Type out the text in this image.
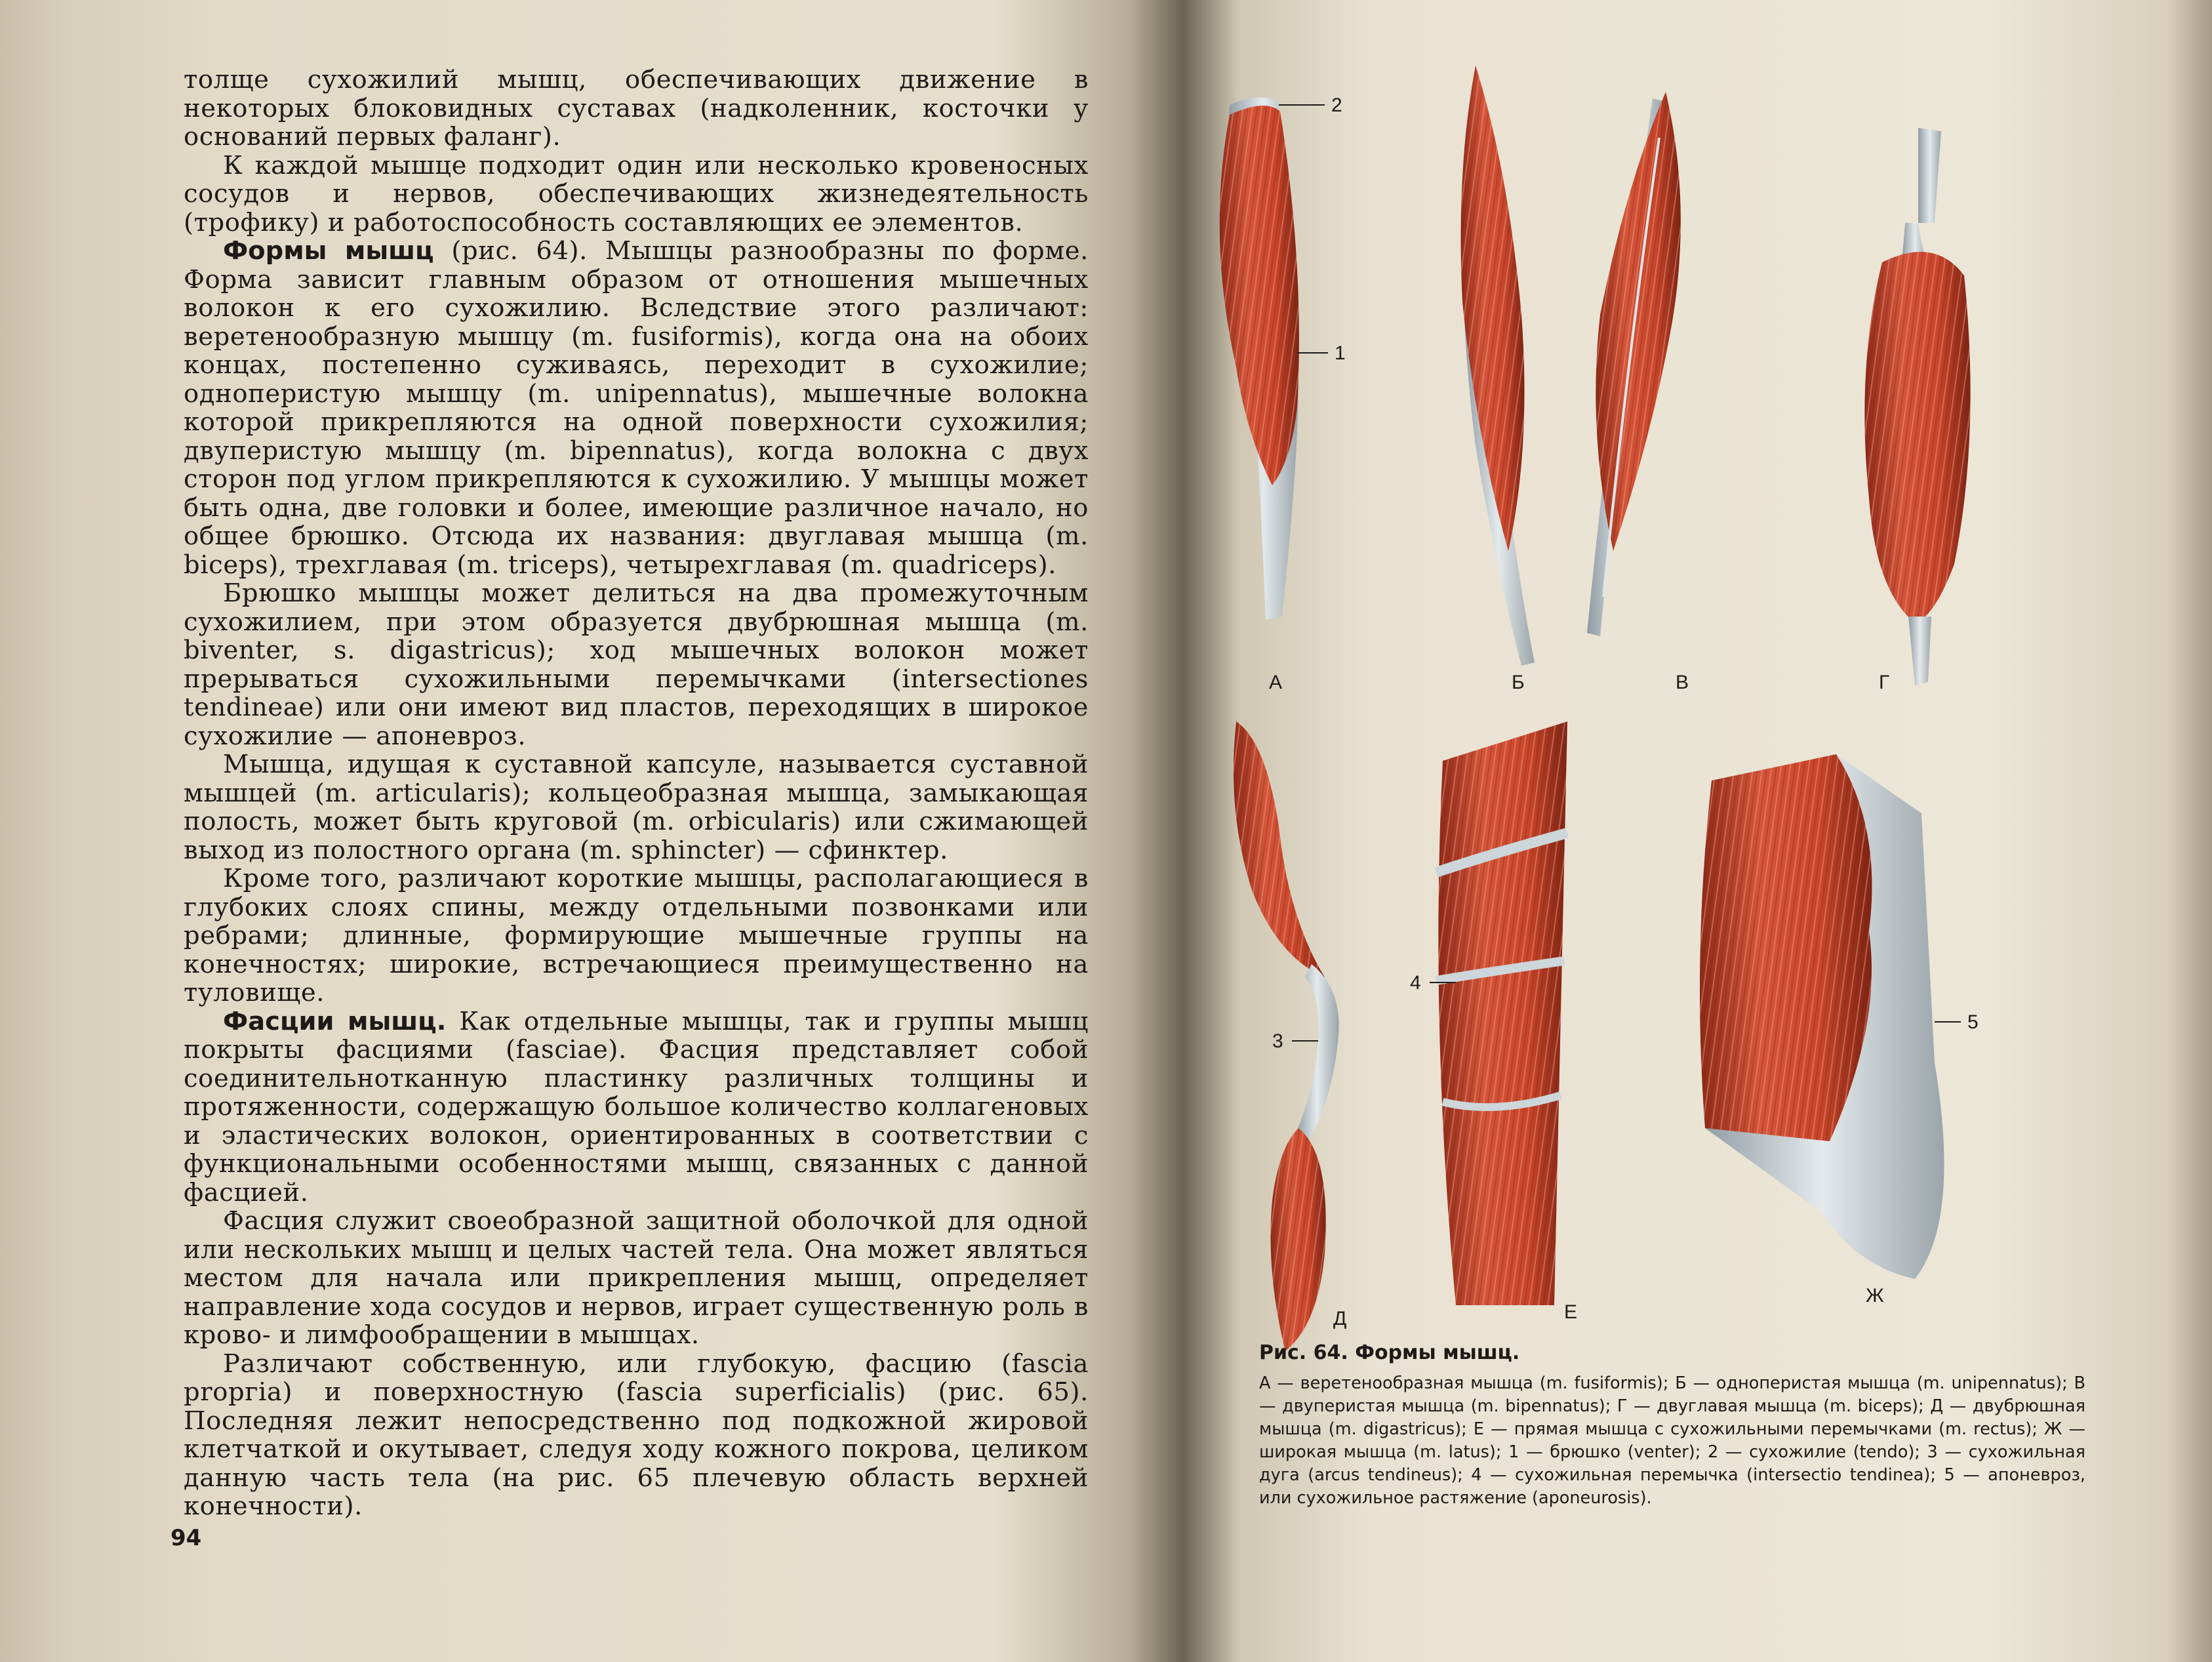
толще сухожилий мышц, обеспечивающих движение в некоторых блоковидных суставах (надколенник, косточки у оснований первых фаланг).

К каждой мышце подходит один или несколько кровеносных сосудов и нервов, обеспечивающих жизнедеятельность (трофику) и работоспособность составляющих ее элементов.

Формы мышц (рис. 64). Мышцы разнообразны по форме. Форма зависит главным образом от отношения мышечных волокон к его сухожилию. Вследствие этого различают: веретенообразную мышцу (m. fusiformis), когда она на обоих концах, постепенно суживаясь, переходит в сухожилие; одноперистую мышцу (m. unipennatus), мышечные волокна которой прикрепляются на одной поверхности сухожилия; двуперистую мышцу (m. bipennatus), когда волокна с двух сторон под углом прикрепляются к сухожилию. У мышцы может быть одна, две головки и более, имеющие различное начало, но общее брюшко. Отсюда их названия: двуглавая мышца (m. biceps), трехглавая (m. triceps), четырехглавая (m. quadriceps).

Брюшко мышцы может делиться на два промежуточным сухожилием, при этом образуется двубрюшная мышца (m. biventer, s. digastricus); ход мышечных волокон может прерываться сухожильными перемычками (intersectiones tendineae) или они имеют вид пластов, переходящих в широкое сухожилие — апоневроз.

Мышца, идущая к суставной капсуле, называется суставной мышцей (m. articularis); кольцеобразная мышца, замыкающая полость, может быть круговой (m. orbicularis) или сжимающей выход из полостного органа (m. sphincter) — сфинктер.

Кроме того, различают короткие мышцы, располагающиеся в глубоких слоях спины, между отдельными позвонками или ребрами; длинные, формирующие мышечные группы на конечностях; широкие, встречающиеся преимущественно на туловище.

Фасции мышц. Как отдельные мышцы, так и группы мышц покрыты фасциями (fasciae). Фасция представляет собой соединительнотканную пластинку различных толщины и протяженности, содержащую большое количество коллагеновых и эластических волокон, ориентированных в соответствии с функциональными особенностями мышц, связанных с данной фасцией.

Фасция служит своеобразной защитной оболочкой для одной или нескольких мышц и целых частей тела. Она может являться местом для начала или прикрепления мышц, определяет направление хода сосудов и нервов, играет существенную роль в крово- и лимфообращении в мышцах.

Различают собственную, или глубокую, фасцию (fascia prоргіа) и поверхностную (fascia superficialis) (рис. 65). Последняя лежит непосредственно под подкожной жировой клетчаткой и окутывает, следуя ходу кожного покрова, целиком данную часть тела (на рис. 65 плечевую область верхней конечности).

94
2
1
3
4
5
А	Б	В	Г
Д	Е
Ж
Рис. 64. Формы мышц.
А — веретенообразная мышца (m. fusiformis); Б — одноперистая мышца (m. unipennatus); В — двуперистая мышца (m. bipennatus); Г — двуглавая мышца (m. biceps); Д — двубрюшная мышца (m. digastricus); Е — прямая мышца с сухожильными перемычками (m. rectus); Ж — широкая мышца (m. latus); 1 — брюшко (venter); 2 — сухожилие (tendo); 3 — сухожильная дуга (arcus tendineus); 4 — сухожильная перемычка (intersectio tendinea); 5 — апоневроз, или сухожильное растяжение (aponeurosis).
